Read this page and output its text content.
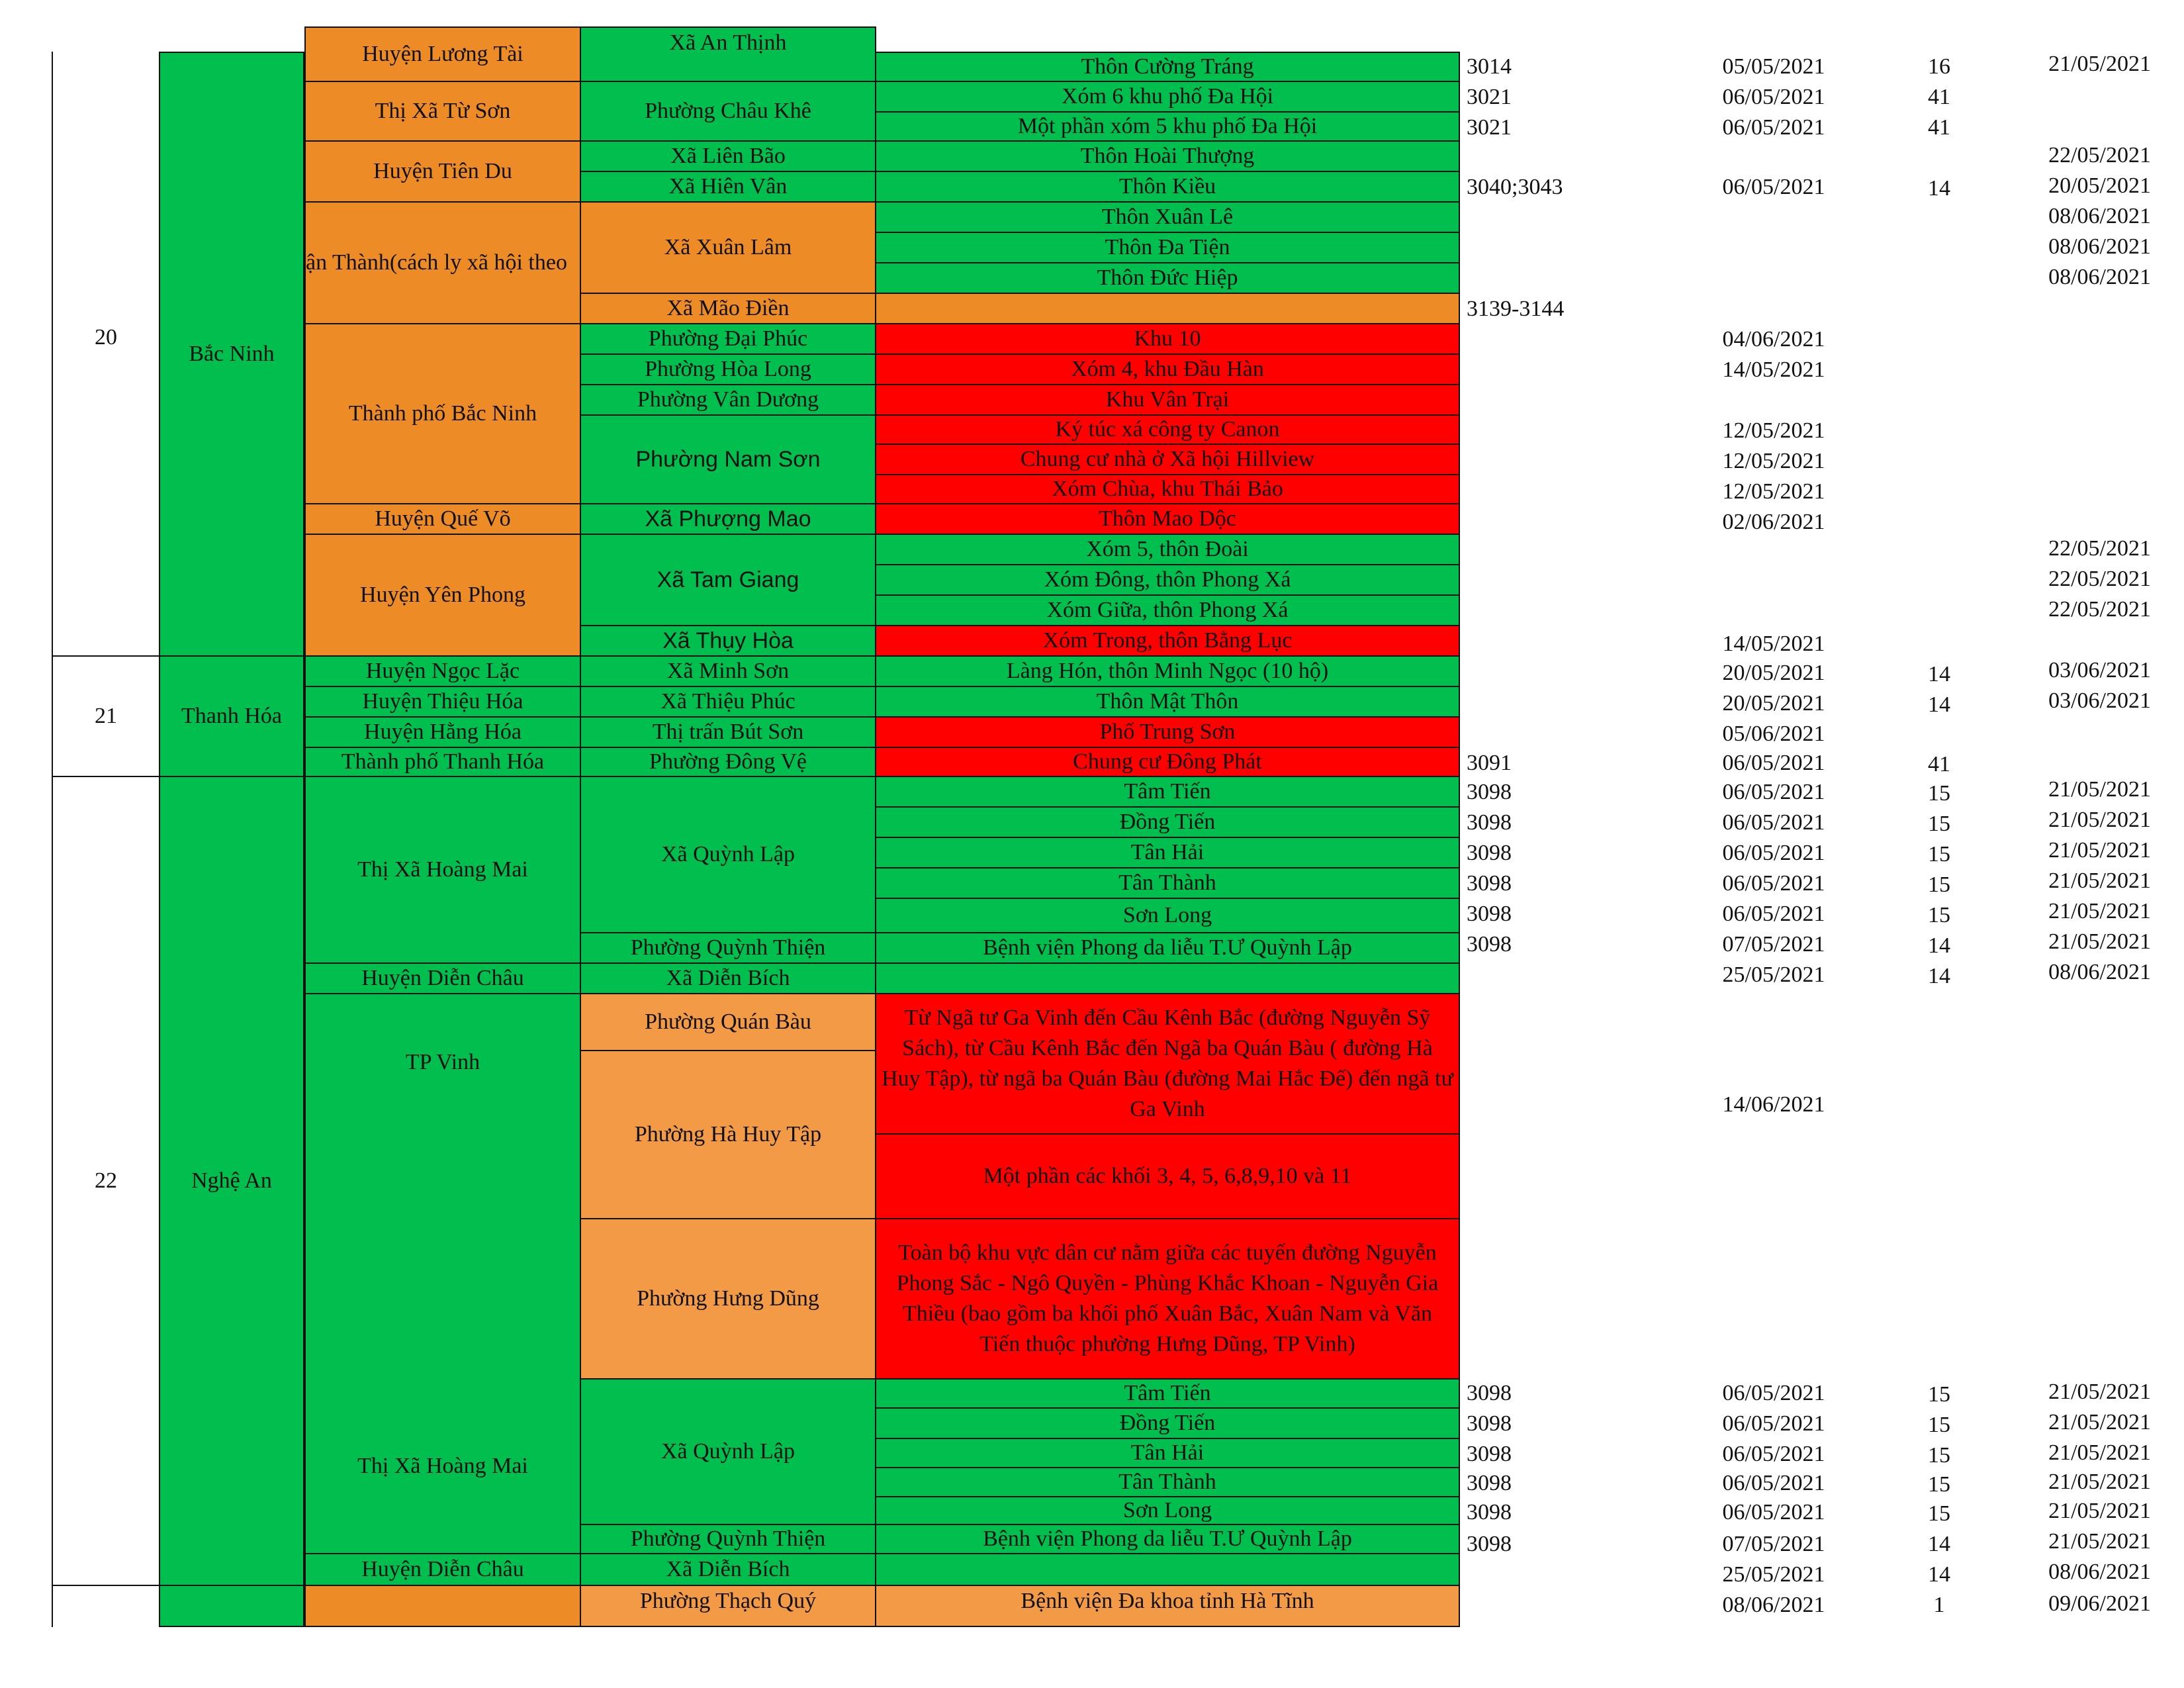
20
21
22
Bắc Ninh
Thanh Hóa
Nghệ An
Huyện Lương Tài
Thị Xã Từ Sơn
Huyện Tiên Du
ận Thành(cách ly xã hội theo
Thành phố Bắc Ninh
Huyện Quế Võ
Huyện Yên Phong
Huyện Ngọc Lặc
Huyện Thiệu Hóa
Huyện Hằng Hóa
Thành phố Thanh Hóa
Thị Xã Hoàng Mai
Huyện Diễn Châu
TP Vinh
Thị Xã Hoàng Mai
Huyện Diễn Châu
Xã An Thịnh
Phường Châu Khê
Xã Liên Bão
Xã Hiên Vân
Xã Xuân Lâm
Xã Mão Điền
Phường Đại Phúc
Phường Hòa Long
Phường Vân Dương
Phường Nam Sơn
Xã Phượng Mao
Xã Tam Giang
Xã Thụy Hòa
Xã Minh Sơn
Xã Thiệu Phúc
Thị trấn Bút Sơn
Phường Đông Vệ
Xã Quỳnh Lập
Phường Quỳnh Thiện
Xã Diễn Bích
Phường Quán Bàu
Phường Hà Huy Tập
Phường Hưng Dũng
Xã Quỳnh Lập
Phường Quỳnh Thiện
Xã Diễn Bích
Phường Thạch Quý
Thôn Cường Tráng
Xóm 6 khu phố Đa Hội
Một phần xóm 5 khu phố Đa Hội
Thôn Hoài Thượng
Thôn Kiều
Thôn Xuân Lê
Thôn Đa Tiện
Thôn Đức Hiệp
Khu 10
Xóm 4, khu Đầu Hàn
Khu Vân Trại
Ký túc xá công ty Canon
Chung cư nhà ở Xã hội Hillview
Xóm Chùa, khu Thái Bảo
Thôn Mao Dộc
Xóm 5, thôn Đoài
Xóm Đông, thôn Phong Xá
Xóm Giữa, thôn Phong Xá
Xóm Trong, thôn Bằng Lục
Làng Hón, thôn Minh Ngọc (10 hộ)
Thôn Mật Thôn
Phố Trung Sơn
Chung cư Đông Phát
Tâm Tiến
Đồng Tiến
Tân Hải
Tân Thành
Sơn Long
Bệnh viện Phong da liễu T.Ư Quỳnh Lập
Từ Ngã tư Ga Vinh đến Cầu Kênh Bắc (đường Nguyễn Sỹ Sách), từ Cầu Kênh Bắc đến Ngã ba Quán Bàu ( đường Hà Huy Tập), từ ngã ba Quán Bàu (đường Mai Hắc Đế) đến ngã tư Ga Vinh
Một phần các khối 3, 4, 5, 6,8,9,10 và 11
Toàn bộ khu vực dân cư nằm giữa các tuyến đường Nguyễn Phong Sắc - Ngô Quyền - Phùng Khắc Khoan - Nguyễn Gia Thiều (bao gồm ba khối phố Xuân Bắc, Xuân Nam và Văn Tiến thuộc phường Hưng Dũng, TP Vinh)
Tâm Tiến
Đồng Tiến
Tân Hải
Tân Thành
Sơn Long
Bệnh viện Phong da liễu T.Ư Quỳnh Lập
Bệnh viện Đa khoa tỉnh Hà Tĩnh
3014
3021
3021
3040;3043
3139-3144
3091
3098
3098
3098
3098
3098
3098
3098
3098
3098
3098
3098
3098
05/05/2021
06/05/2021
06/05/2021
06/05/2021
04/06/2021
14/05/2021
12/05/2021
12/05/2021
12/05/2021
02/06/2021
14/05/2021
20/05/2021
20/05/2021
05/06/2021
06/05/2021
06/05/2021
06/05/2021
06/05/2021
06/05/2021
06/05/2021
07/05/2021
25/05/2021
14/06/2021
06/05/2021
06/05/2021
06/05/2021
06/05/2021
06/05/2021
07/05/2021
25/05/2021
08/06/2021
16
41
41
14
14
14
41
15
15
15
15
15
14
14
15
15
15
15
15
14
14
1
21/05/2021
22/05/2021
20/05/2021
08/06/2021
08/06/2021
08/06/2021
22/05/2021
22/05/2021
22/05/2021
03/06/2021
03/06/2021
21/05/2021
21/05/2021
21/05/2021
21/05/2021
21/05/2021
21/05/2021
08/06/2021
21/05/2021
21/05/2021
21/05/2021
21/05/2021
21/05/2021
21/05/2021
08/06/2021
09/06/2021
